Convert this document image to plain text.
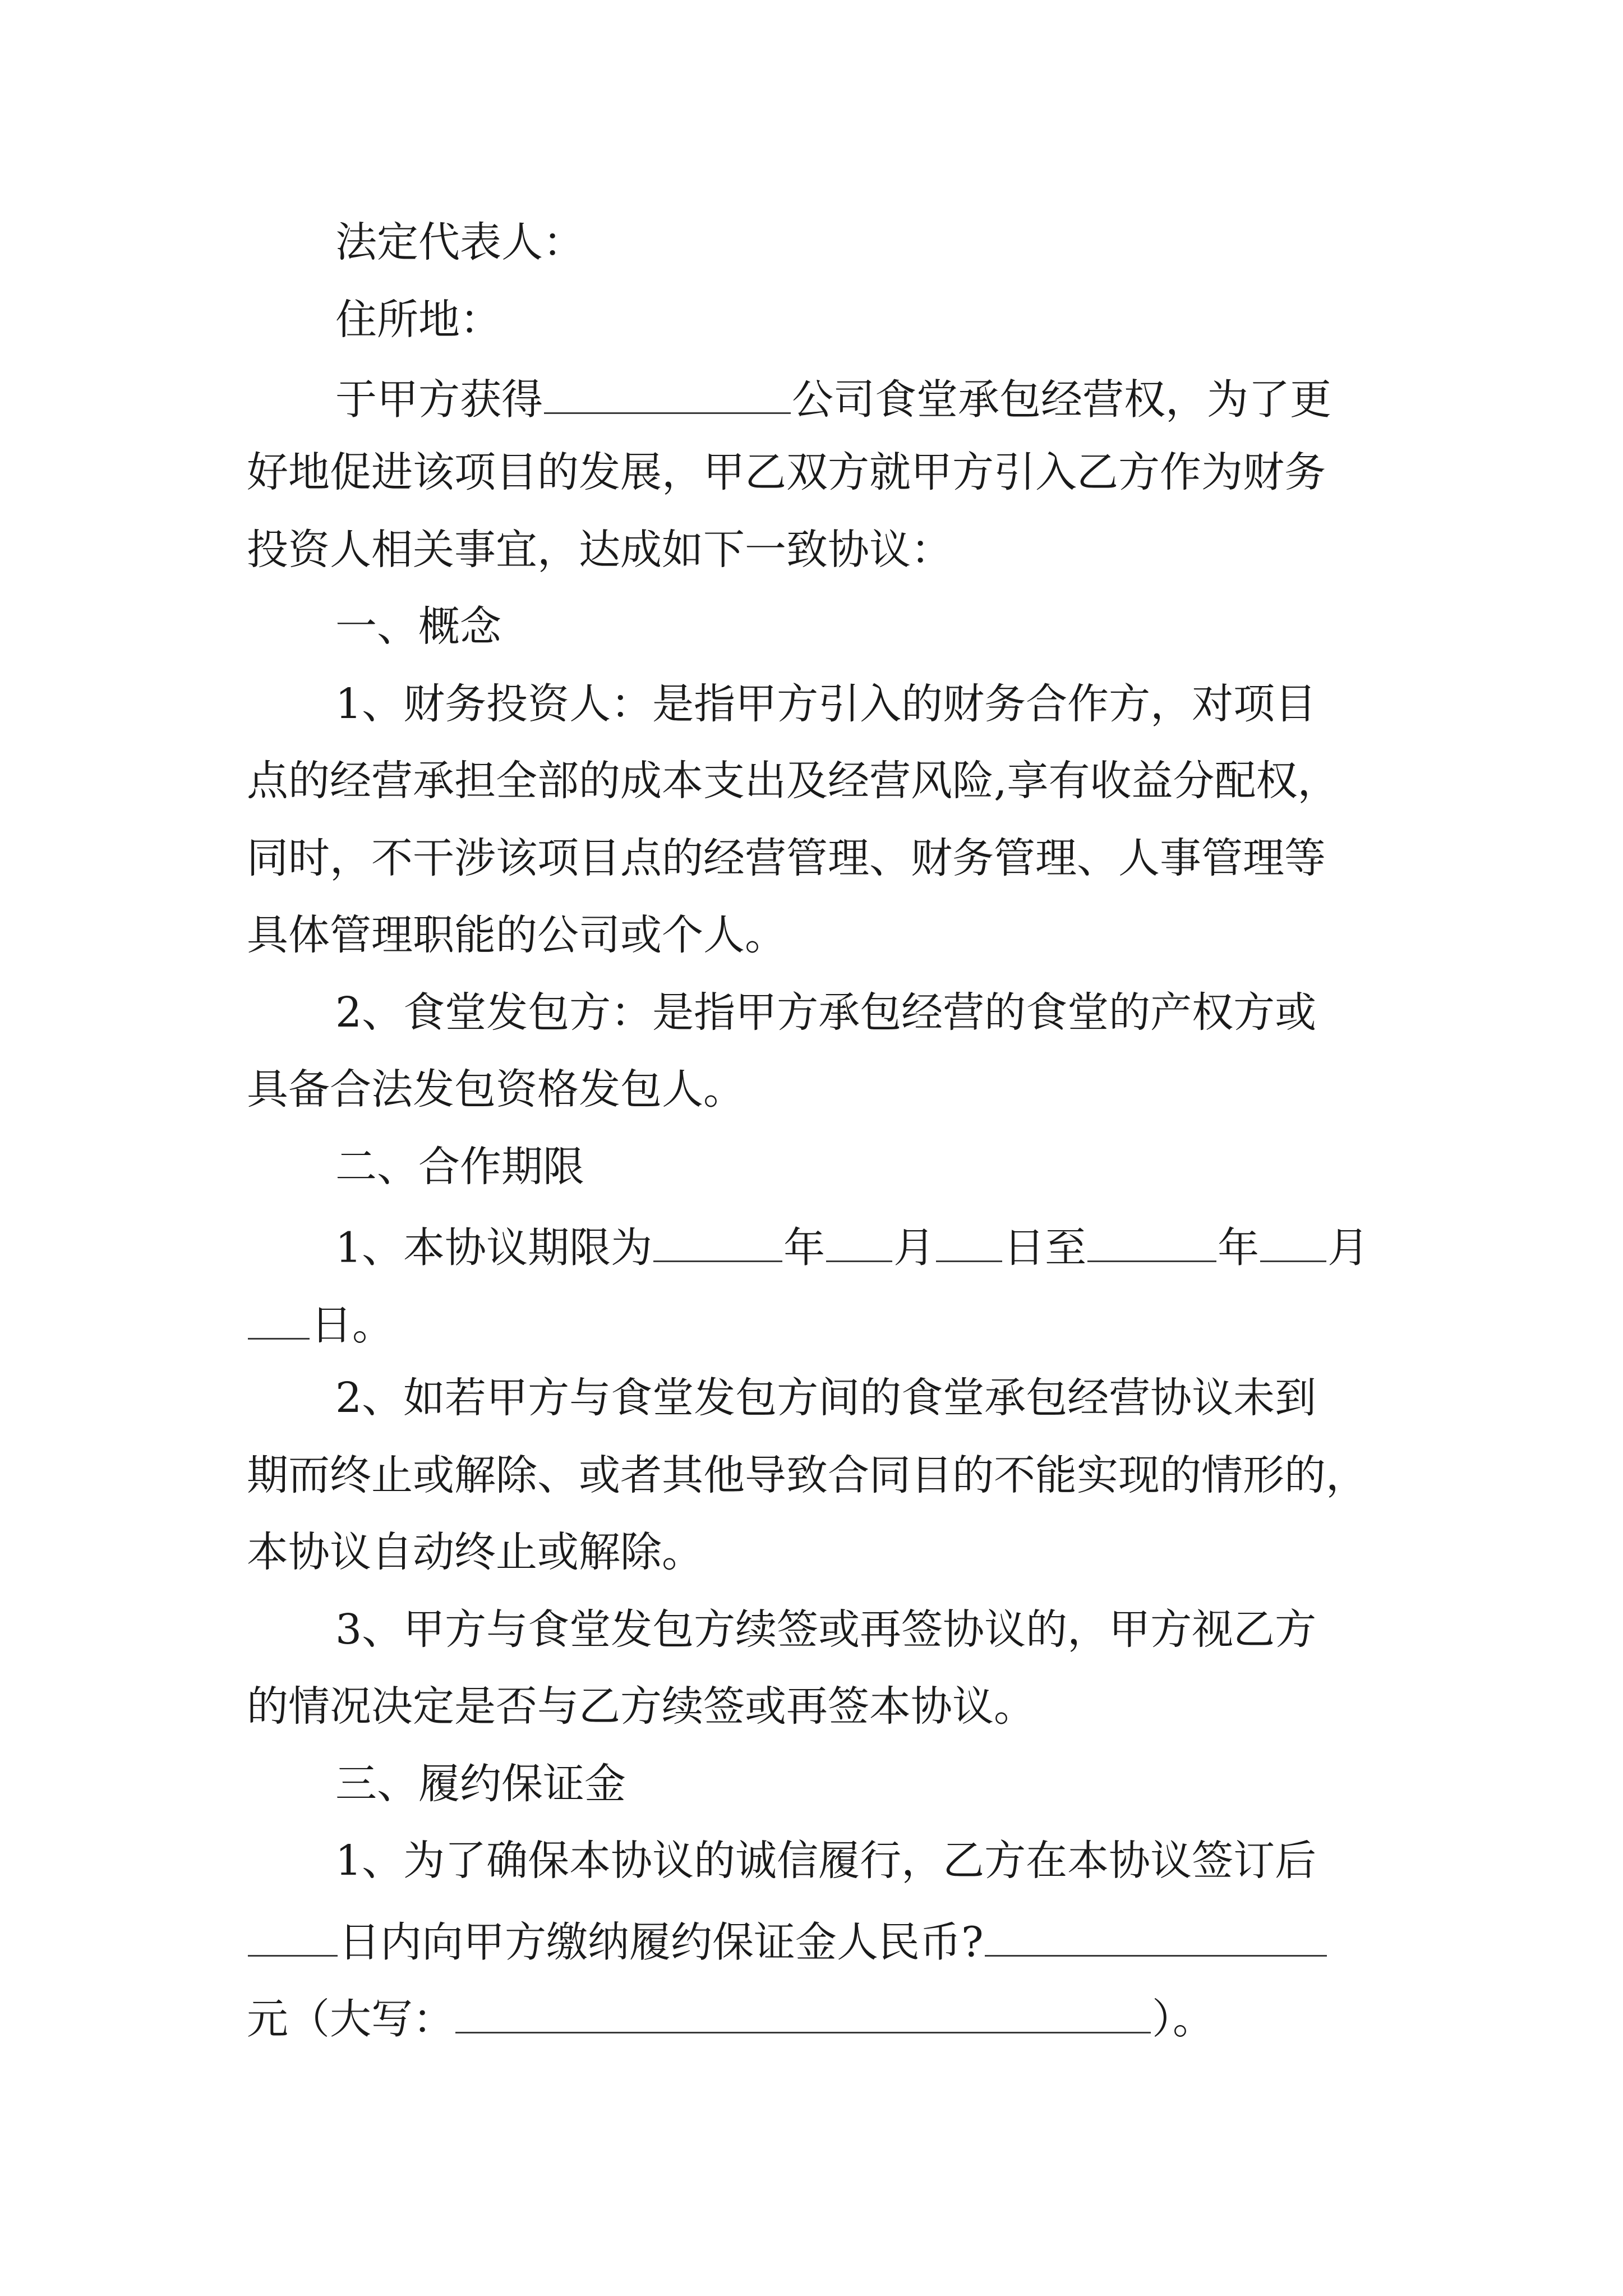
法定代表人：
住所地：
于甲方获得	公司食堂承包经营权，为了更
好地促进该项目的发展，甲乙双方就甲方引入乙方作为财务
投资人相关事宜，达成如下一致协议：
一、概念
1、财务投资人：是指甲方引入的财务合作方，对项目
点的经营承担全部的成本支出及经营风险,享有收益分配权，
同时，不干涉该项目点的经营管理、财务管理、人事管理等
具体管理职能的公司或个人。
2、食堂发包方：是指甲方承包经营的食堂的产权方或
具备合法发包资格发包人。
二、合作期限
1、本协议期限为	年 月 日至	年 月
日。
2、如若甲方与食堂发包方间的食堂承包经营协议未到
期而终止或解除、或者其他导致合同目的不能实现的情形的，
本协议自动终止或解除。
3、甲方与食堂发包方续签或再签协议的，甲方视乙方
的情况决定是否与乙方续签或再签本协议。
三、履约保证金
1、为了确保本协议的诚信履行，乙方在本协议签订后
日内向甲方缴纳履约保证金人民币?
元（大写：	）。
